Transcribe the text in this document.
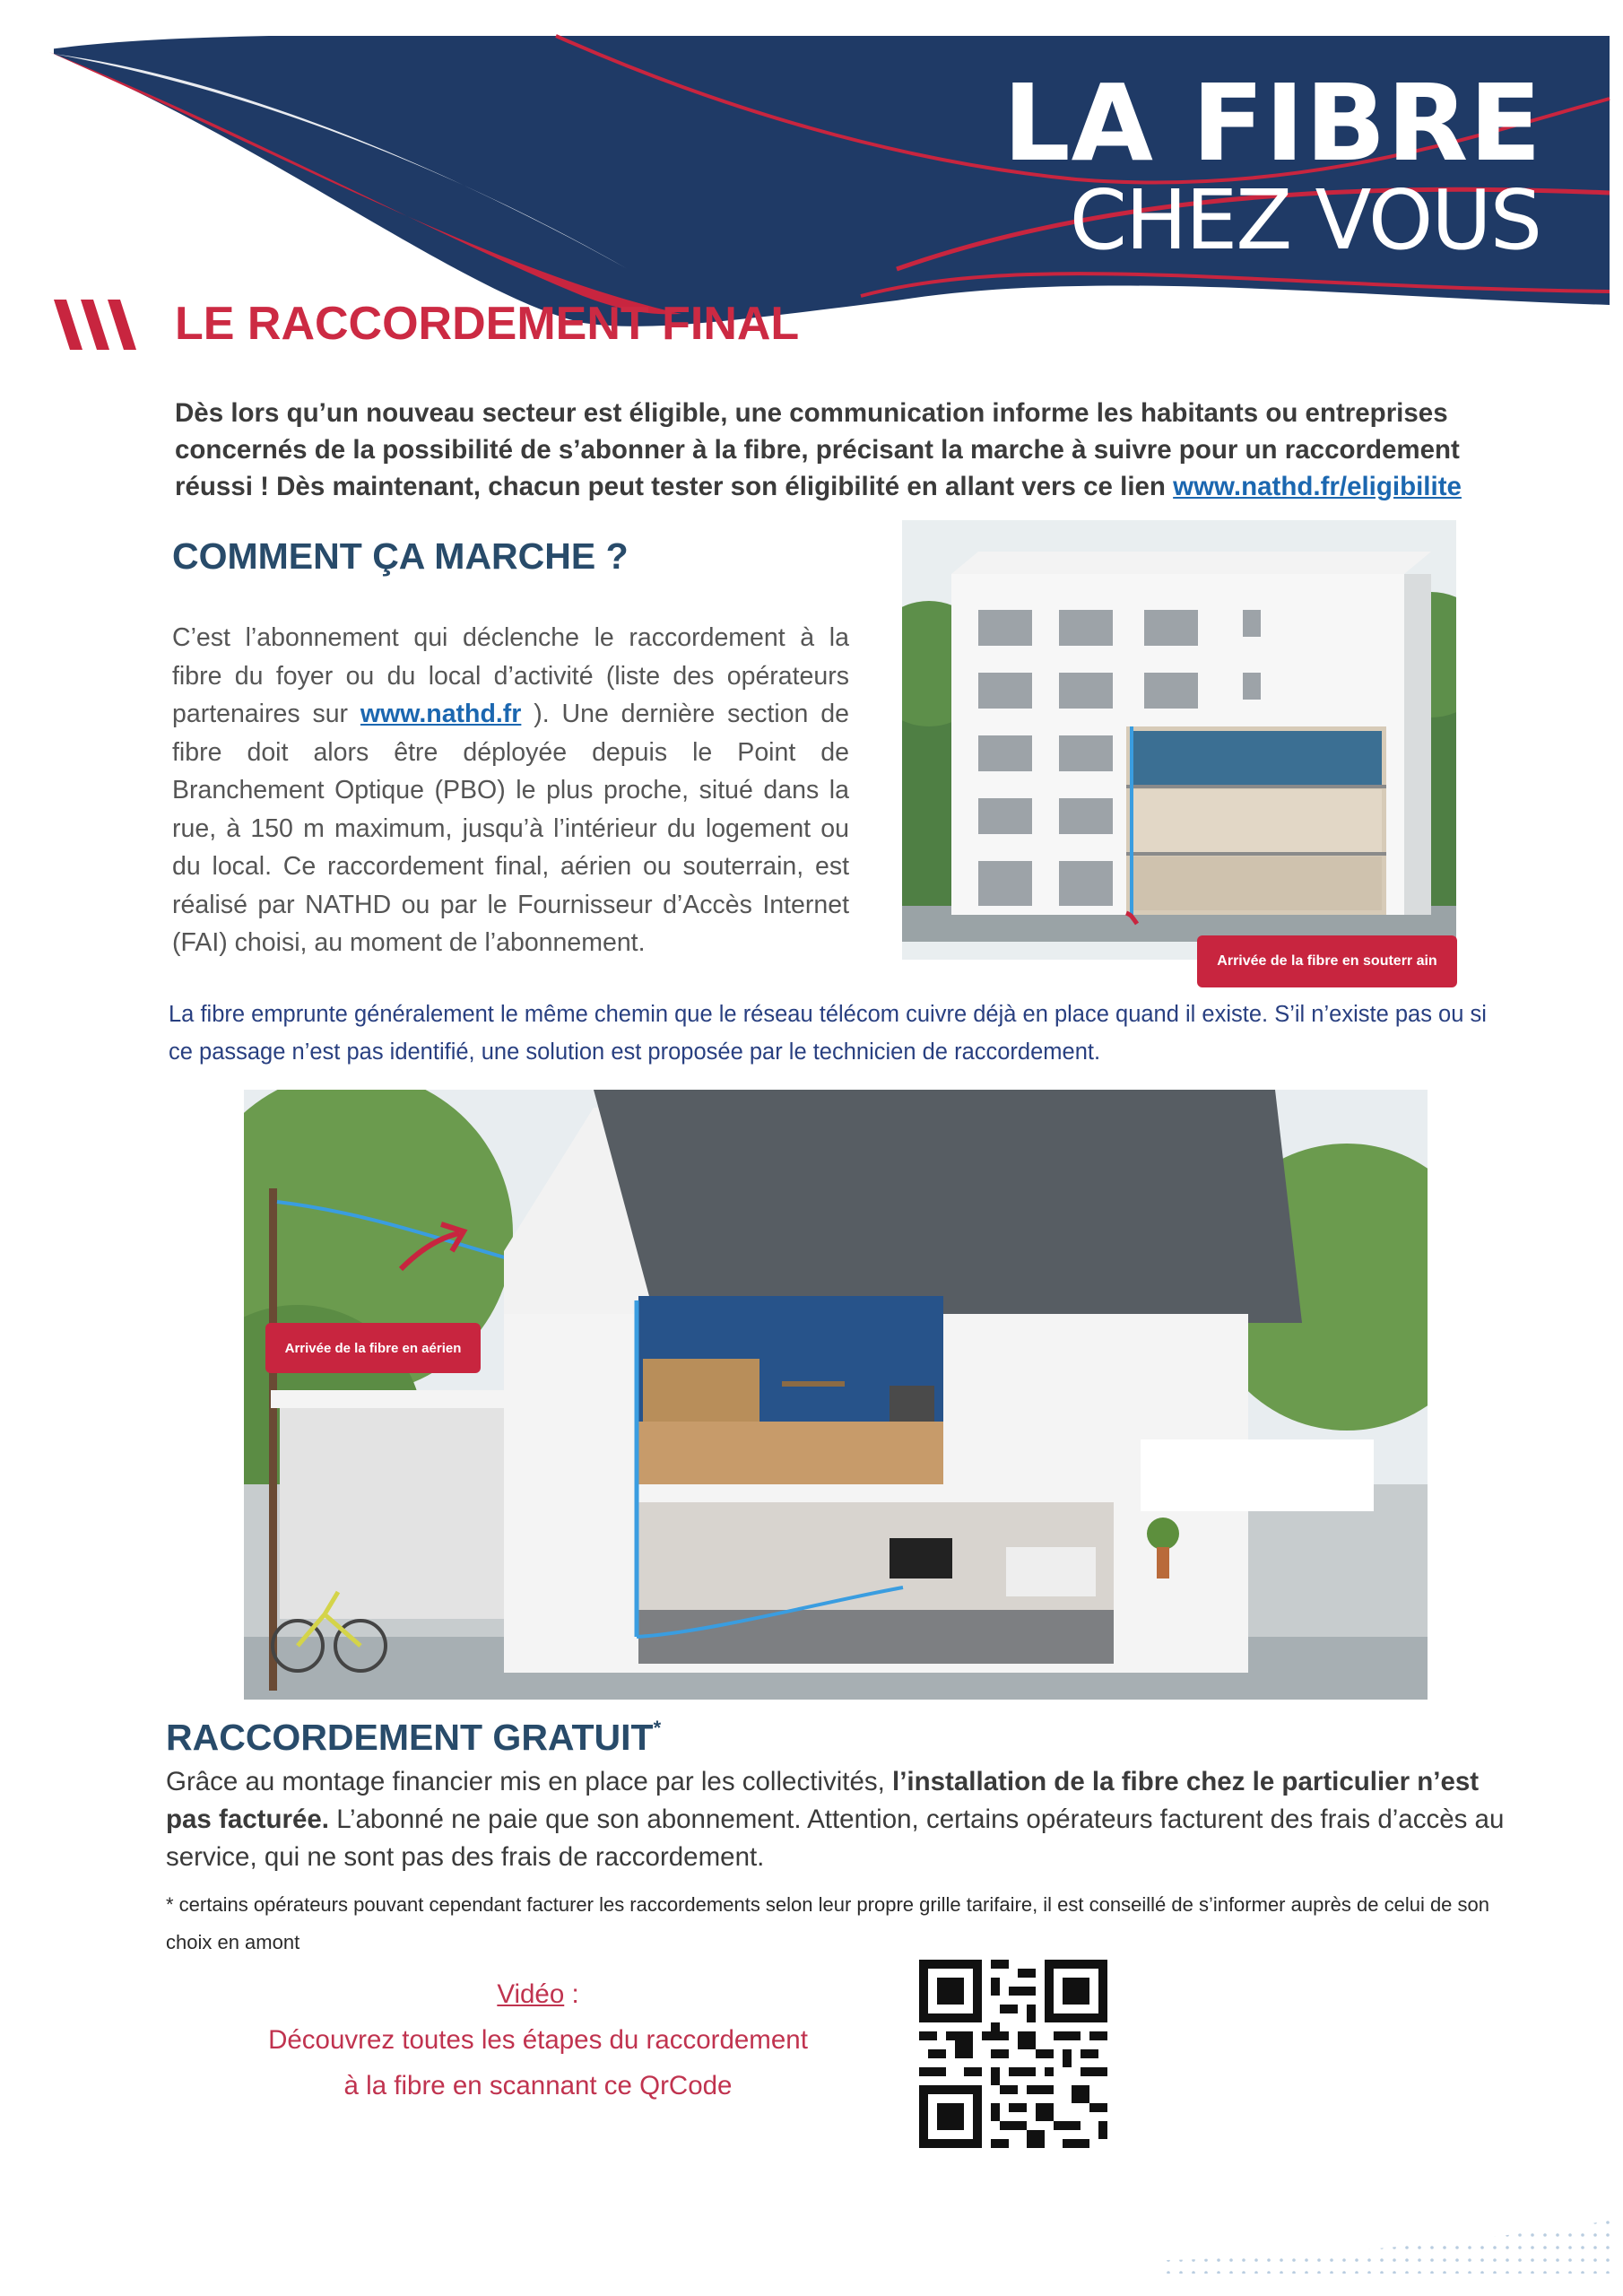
LA FIBRE
CHEZ VOUS
LE RACCORDEMENT FINAL
Dès lors qu’un nouveau secteur est éligible, une communication informe les habitants ou entreprises concernés de la possibilité de s’abonner à la fibre, précisant la marche à suivre pour un raccordement réussi ! Dès maintenant, chacun peut tester son éligibilité en allant vers ce lien www.nathd.fr/eligibilite
COMMENT ÇA MARCHE ?
C’est l’abonnement qui déclenche le raccordement à la fibre du foyer ou du local d’activité (liste des opérateurs partenaires sur www.nathd.fr ). Une dernière section de fibre doit alors être déployée depuis le Point de Branchement Optique (PBO) le plus proche, situé dans la rue, à 150 m maximum, jusqu’à l’intérieur du logement ou du local. Ce raccordement final, aérien ou souterrain, est réalisé par NATHD ou par le Fournisseur d’Accès Internet (FAI) choisi, au moment de l’abonnement.
Arrivée de la fibre en souterr ain
La fibre emprunte généralement le même chemin que le réseau télécom cuivre déjà en place quand il existe. S’il n’existe pas ou si ce passage n’est pas identifié, une solution est proposée par le technicien de raccordement.
Arrivée de la fibre en aérien
RACCORDEMENT GRATUIT*
Grâce au montage financier mis en place par les collectivités, l’installation de la fibre chez le particulier n’est pas facturée. L’abonné ne paie que son abonnement. Attention, certains opérateurs facturent des frais d’accès au service, qui ne sont pas des frais de raccordement.
* certains opérateurs pouvant cependant facturer les raccordements selon leur propre grille tarifaire, il est conseillé de s’informer auprès de celui de son choix en amont
Vidéo :
Découvrez toutes les étapes du raccordement
à la fibre en scannant ce QrCode
